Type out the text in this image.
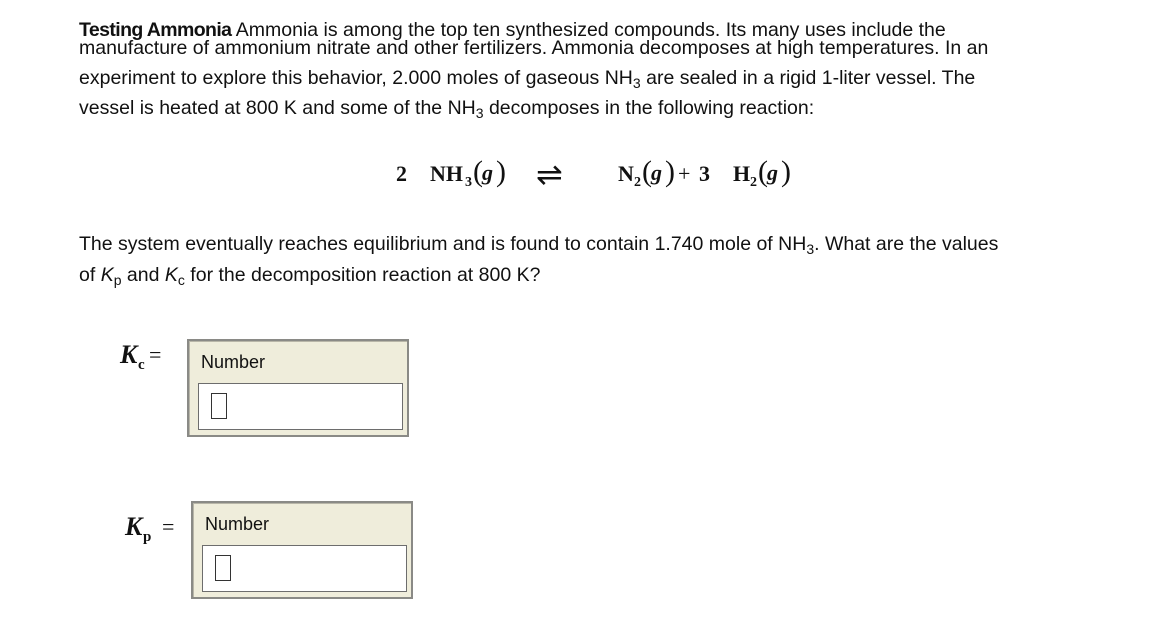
Testing Ammonia Ammonia is among the top ten synthesized compounds. Its many uses include the
manufacture of ammonium nitrate and other fertilizers. Ammonia decomposes at high temperatures. In an
experiment to explore this behavior, 2.000 moles of gaseous $NH_3$ are sealed in a rigid 1-liter vessel. The
vessel is heated at 800 K and some of the $NH_3$ decomposes in the following reaction:
2 NH 3 ( g ) ⇌	N 2 ( g ) + 3 H 2 ( g )
The system eventually reaches equilibrium and is found to contain 1.740 mole of $NH_3$. What are the values
of $K_p$ and $K_c$ for the decomposition reaction at 800 K?
K c = Number
K p = Number
